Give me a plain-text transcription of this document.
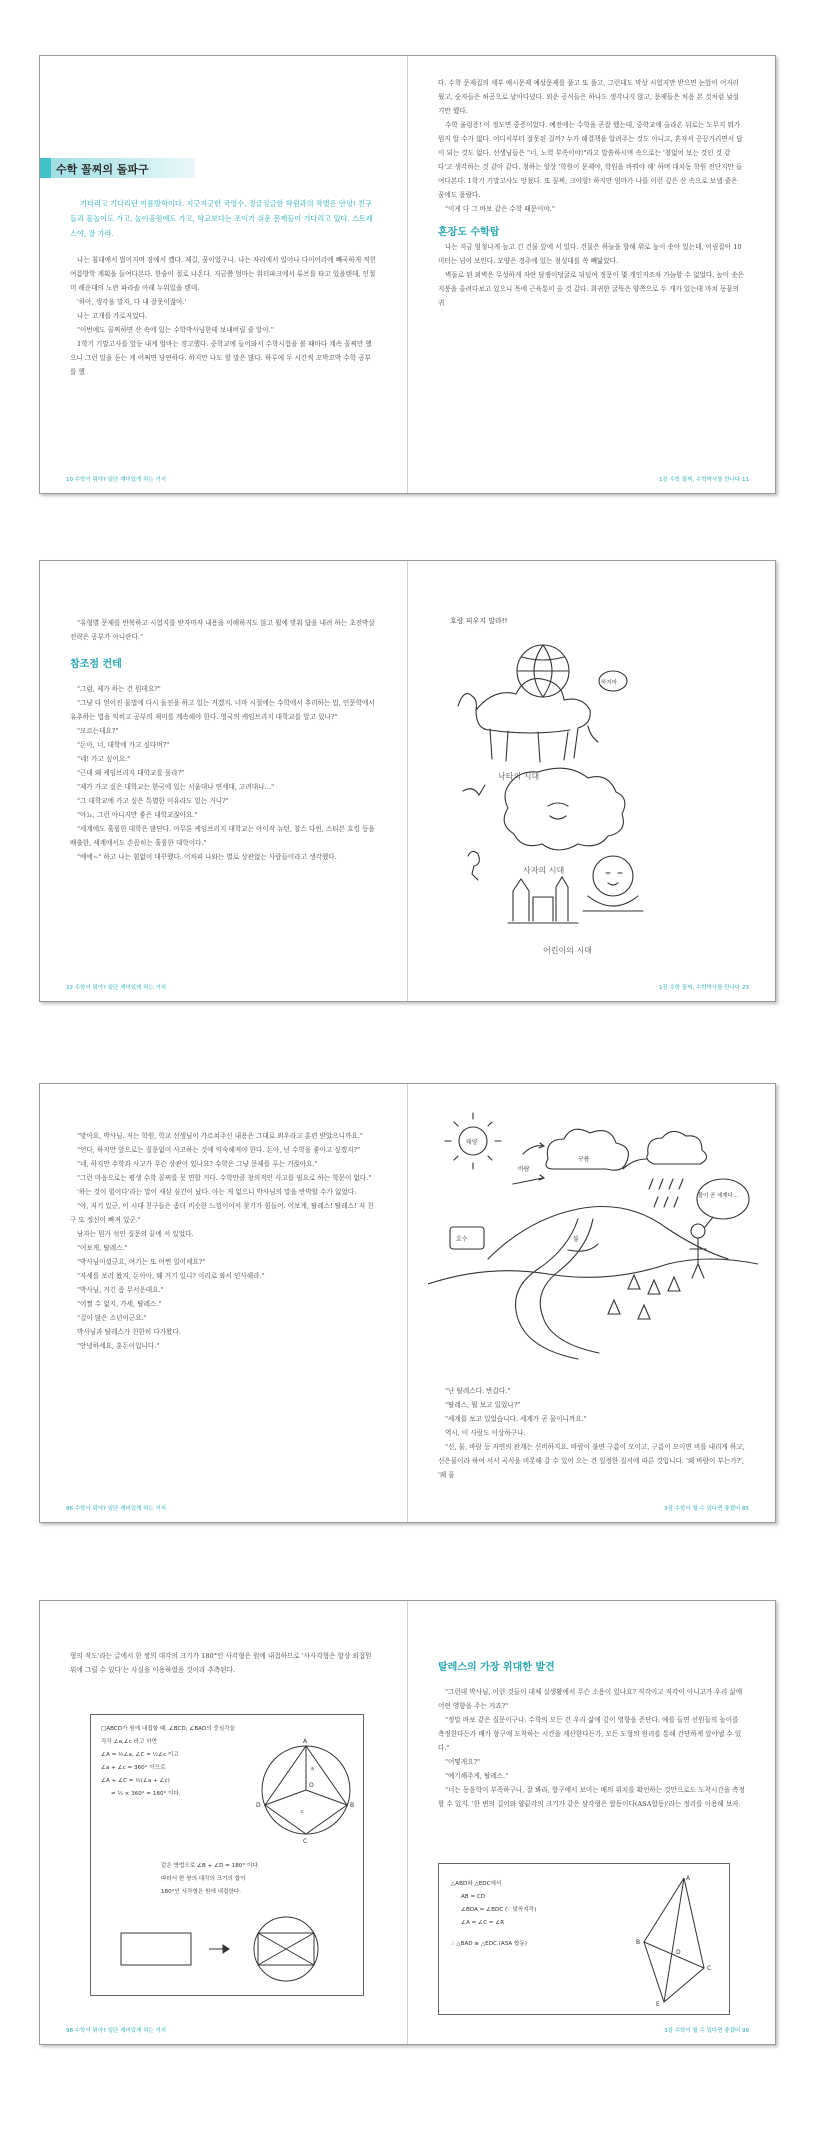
수학 꼴찌의 돌파구

기타리고 기다리던 여름방학이다. 지긋지긋한 국영수, 징글징글한 학원과의 작별은 안녕! 친구들과 물놀이도 가고, 놀이공원에도 가고, 학교보다는 조이기 쉬운 문제들이 기다리고 있다. 스트레스야, 잘 가라.

나는 침대에서 벌어지며 잠에서 깼다. 제길, 꿈이었구나. 나는 자리에서 일어나 다이어리에 빼곡하게 적힌 여름방학 계획을 들여다본다. 한숨이 절로 나온다. 지금쯤 엄마는 워터파크에서 튜브를 타고 있을텐데, 인절미 해운대의 노란 파라솔 아래 누워있을 텐데.

'하아, 생각을 말자, 다 내 잘못이잖아.'

나는 고개를 가로저었다.

"이번에도 꼴찌하면 산 속에 있는 수학박사님한테 보내버릴 줄 알아."

1학기 기말고사를 앞둔 내게 엄마는 경고했다. 중학교에 들어와서 수학시험을 볼 때마다 계속 꼴찌만 했으니 그런 말을 듣는 게 어쩌면 당연하다. 하지만 나도 할 말은 많다. 하루에 두 시간씩 꼬박꼬박 수학 공부를 했

10 수학이 뭐야? 일단 재미있게 하는 거지

다. 수학 문제집의 세부 예시문제 예상문제를 풀고 또 풀고, 그런데도 막상 시험지만 받으면 눈앞이 어지러웠고, 숫자들은 허공으로 날아다녔다. 외운 공식들은 하나도 생각나지 않고, 문제들은 처음 본 것처럼 낯설기만 했다.

수학 울렁증! 이 정도면 중증이었다. 예전에는 수학을 곧잘 했는데, 중학교에 올라온 뒤로는 도무지 뭐가 뭔지 알 수가 없다. 어디서부터 잘못된 걸까? 누가 해결책을 알려주는 것도 아니고, 혼자서 끙끙거리면서 답이 되는 것도 없다. 선생님들은 "너, 노력 부족이야!"라고 말씀하시며 속으로는 '철없어 보는 것인 것 같다'고 생각하는 것 같아 같다. 청하는 항상 '학원이 문제야, 학원을 바꿔야 해' 하며 대치동 학원 전단지만 들여다본다. 1학기 기말고사도 망쳤다. 또 꼴찌, 크아앙! 하지만 엄마가 나를 이런 깊은 산 속으로 보낼 줄은 꿈에도 몰랐다.

"이게 다 그 바보 같은 수학 때문이야."

혼장도 수학탑

나는 지금 엄청나게 높고 긴 건물 앞에 서 있다. 건물은 하늘을 향해 위로 높이 솟아 있는데, 어림잡아 10미터는 넘어 보인다. 모양은 경주에 있는 첨성대를 쏙 빼닮았다.

벽돌로 된 외벽은 무성하게 자란 담쟁이덩굴로 뒤덮여 정문이 몇 개인지조차 가늠할 수 없었다. 높이 솟은 지붕을 올려다보고 있으니 목에 근육통이 올 것 같다. 희귀한 굴뚝은 양쪽으로 두 개가 있는데 마치 동물의 귀

1장 수학 꼴찌, 수학박사를 만나다 11

"유형별 문제를 반복하고 시험지를 받자마자 내용을 이해하지도 않고 뭘에 맞춰 답을 내려 하는 초전박살 전략은 공부가 아니란다."

참조점 컨테

"그럼, 제가 하는 건 뭔데요?"

"그냥 다 얻어진 물법에 다시 돌진을 하고 있는 거겠지. 너마 시절에는 수학에서 추리하는 법, 인문학에서 유추하는 법을 익히고 공부의 재미를 계속해야 한다. 영국의 케임브리지 대학교를 알고 있나?"

"모르는데요?"

"돈아, 너, 대학에 가고 싶다며?"

"네! 가고 싶어요."

"근데 왜 케임브리지 대학교를 몰라?"

"제가 가고 싶은 대학교는 한국에 있는 서울대나 연세대, 고려대나…"

"그 대학교에 가고 싶은 특별한 이유라도 있는 거니?"

"아뇨, 그런 아니지만 좋은 대학교잖아요."

"세계에도 훌륭한 대학은 많단다. 아무튼 케임브리지 대학교는 아이작 뉴턴, 찰스 다윈, 스티븐 호킹 등을 배출한, 세계에서도 손꼽히는 훌륭한 대학이다."

"예에~" 하고 나는 힘없이 대꾸했다. 어차피 나와는 별로 상관없는 사람들이라고 생각했다.

22 수학이 뭐야? 일단 재미있게 하는 거지
호랑 피우지 말라!!
하지마
낙타의 시대
사자의 시대
어린이의 시대
1장 수학 꼴찌, 수학박사를 만나다 23

"맞아요, 박사님. 저는 학원, 학교 선생님이 가르쳐주신 내용은 그대로 외우라고 훈련 받았으니까요."

"언다, 하지만 앞으로는 질문없이 사고하는 것에 익숙해져야 한다. 돈아, 넌 수학을 좋아고 싶겠지?"

"네, 하지만 수학과 사고가 무슨 상관이 있나요? 수학은 그냥 문제를 푸는 거잖아요."

"그런 마음으로는 평생 수학 꼴찌를 못 면할 거다. 수학만큼 창의적인 사고를 필요로 하는 학문이 없다."

'하는 것이 힘이다'라는 말이 새삼 심긴이 났다. 아는 게 없으니 박사님의 말을 반박할 수가 없었다.

"아, 저기 있군, 이 시대 친구들은 좀더 비슷한 느낌이어서 찾기가 힘들어. 어보게, 탈레스! 탈레스! 저 친구 또 정신이 빠져 있군."

남자는 뭔가 섞인 질문의 끝에 서 있었다.

"어보게, 탈레스."

"박사님이셨군요, 여기는 또 어쩐 일이세요?"

"자세를 보러 왔지, 돈아아, 왜 거기 있니? 이리로 와서 인사해라."

"박사님, 거긴 좀 무서운데요."

"어쩔 수 없지, 가세, 탈레스."

"걸이 많은 소년이군요."

박사님과 탈레스가 친한히 다가왔다.

"안녕하세요, 훈돈이입니다."

86 수학이 뭐야? 일단 재미있게 하는 거지
물이 곧 세계다...
호수
바람
태양
불
구름

"난 탈레스다. 반갑다."

"탈레스, 뭘 보고 있었나?"

"세계를 보고 있었습니다. 세계가 곧 물이니까요."

역시, 이 사람도 이상하구나.

"신, 물, 바람 등 자연의 관계는 신비하지요. 바람이 불면 구름이 모이고, 구름이 모이면 비를 내리게 하고, 신은물이라 하여 서서 곡식을 비롯해 갈 수 있어 오는 건 일정한 질서에 따른 것입니다. '왜 바람이 부는가?', '왜 물

3장 수학이 될 수 있다면 좋겠어 85

형의 작도'라는 글에서 한 쌍의 대각의 크기가 180°인 사각형은 원에 내접하므로 '사사각형은 항상 외접원 위에 그릴 수 있다'는 사실을 이용하였음 것이라 추측된다.

□ABCD가 원에 내접할 때, ∠BCD, ∠BAD의 중심각을
각각 ∠a,∠c 라고 하면
∠A = ½∠a, ∠C = ½∠c 이고
∠a + ∠c = 360° 이므로
∠A + ∠C = ½(∠a + ∠c)
= ½ × 360° = 180° 이다.
A
B
C
D
O
a
c
같은 방법으로 ∠B + ∠D = 180° 이다.
따라서 한 쌍의 대각의 크기의 합이
180°인 사각형은 원에 내접한다.
98 수학이 뭐야? 일단 재미있게 하는 거지

탈레스의 가장 위대한 발견

"그런데 박사님, 이런 것들이 대체 실생활에서 무슨 소용이 있나요? 직각이고 직각이 아니고가 우리 삶에 어떤 영향을 주는 거죠?"

"정말 바보 같은 질문이구나. 수학의 모든 건 우리 삶에 깊이 영향을 준단다. 예를 들면 선원들의 놀이를 측정한다든가 배가 항구에 도착하는 시간을 계산한다든가, 모든 도형의 원리를 통해 간단하게 알아낼 수 있다."

"어떻게요?"

"예기해주게, 탈레스."

"너는 동음학이 부족하구나, 잘 봐라, 항구에서 보이는 배의 위치를 확인하는 것만으로도 도착시간을 측정할 수 있지. '한 변의 길이와 양끝각의 크기가 같은 삼각형은 합동이다(ASA합동)'라는 정리를 이용해 보자.

△ABD와 △EDC에서
AB = CD
∠BDA = ∠BDC (∵ 맞꼭지각)
∠A = ∠C = ∠R
∴ △BAD ≡ △EDC (ASA 합동)
A
B
C
D
E
3장 수학이 될 수 있다면 좋겠어 99
